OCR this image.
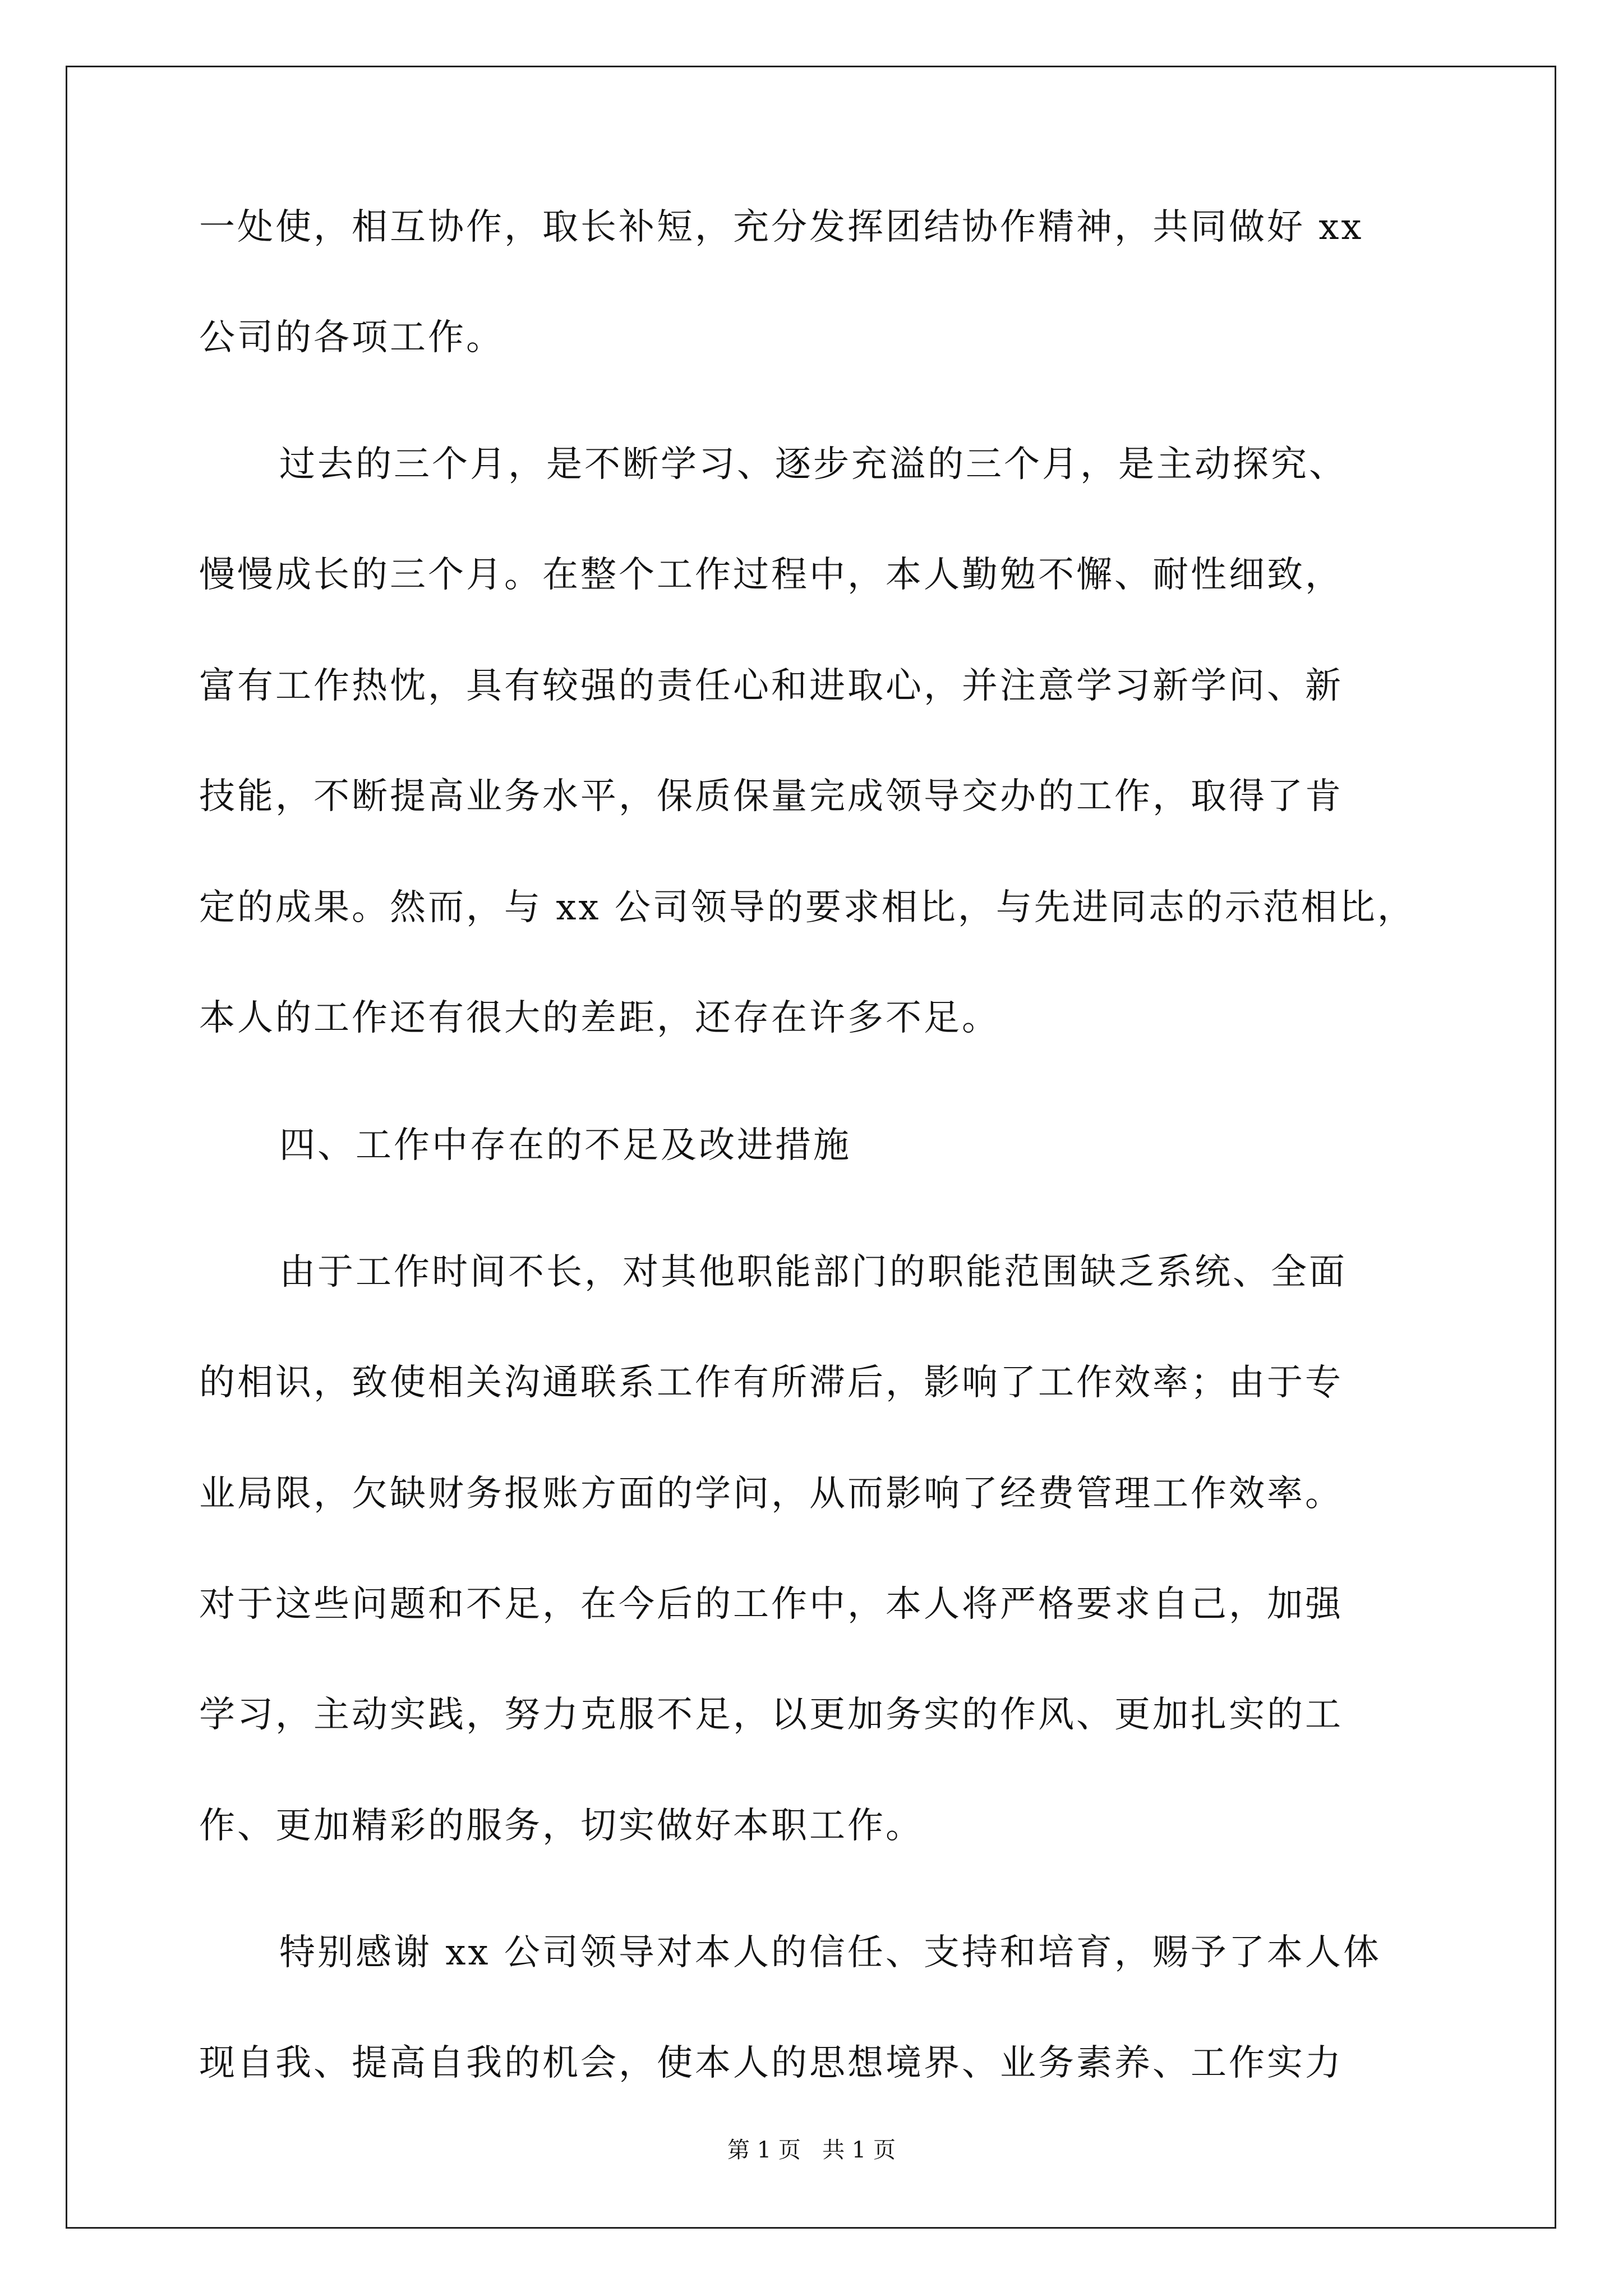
一处使，相互协作，取长补短，充分发挥团结协作精神，共同做好 xx
公司的各项工作。
过去的三个月，是不断学习、逐步充溢的三个月，是主动探究、
慢慢成长的三个月。在整个工作过程中，本人勤勉不懈、耐性细致，
富有工作热忱，具有较强的责任心和进取心，并注意学习新学问、新
技能，不断提高业务水平，保质保量完成领导交办的工作，取得了肯
定的成果。然而，与 xx 公司领导的要求相比，与先进同志的示范相比，
本人的工作还有很大的差距，还存在许多不足。
四、工作中存在的不足及改进措施
由于工作时间不长，对其他职能部门的职能范围缺乏系统、全面
的相识，致使相关沟通联系工作有所滞后，影响了工作效率；由于专
业局限，欠缺财务报账方面的学问，从而影响了经费管理工作效率。
对于这些问题和不足，在今后的工作中，本人将严格要求自己，加强
学习，主动实践，努力克服不足，以更加务实的作风、更加扎实的工
作、更加精彩的服务，切实做好本职工作。
特别感谢 xx 公司领导对本人的信任、支持和培育，赐予了本人体
现自我、提高自我的机会，使本人的思想境界、业务素养、工作实力
第 1 页   共 1 页
